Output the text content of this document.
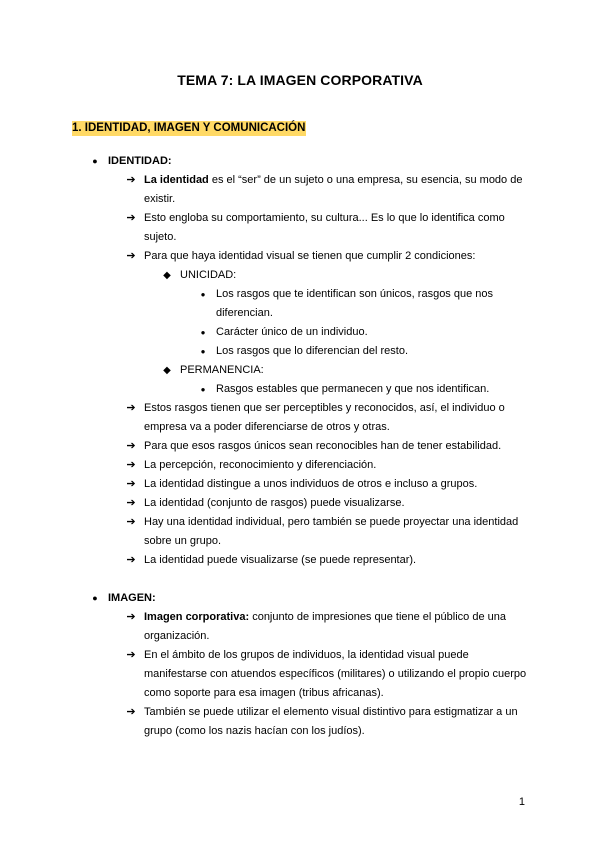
TEMA 7: LA IMAGEN CORPORATIVA
1. IDENTIDAD, IMAGEN Y COMUNICACIÓN
● IDENTIDAD:
➔ La identidad es el “ser” de un sujeto o una empresa, su esencia, su modo de existir.
➔ Esto engloba su comportamiento, su cultura... Es lo que lo identifica como sujeto.
➔ Para que haya identidad visual se tienen que cumplir 2 condiciones:
◆ UNICIDAD:
● Los rasgos que te identifican son únicos, rasgos que nos diferencian.
● Carácter único de un individuo.
● Los rasgos que lo diferencian del resto.
◆ PERMANENCIA:
● Rasgos estables que permanecen y que nos identifican.
➔ Estos rasgos tienen que ser perceptibles y reconocidos, así, el individuo o empresa va a poder diferenciarse de otros y otras.
➔ Para que esos rasgos únicos sean reconocibles han de tener estabilidad.
➔ La percepción, reconocimiento y diferenciación.
➔ La identidad distingue a unos individuos de otros e incluso a grupos.
➔ La identidad (conjunto de rasgos) puede visualizarse.
➔ Hay una identidad individual, pero también se puede proyectar una identidad sobre un grupo.
➔ La identidad puede visualizarse (se puede representar).
● IMAGEN:
➔ Imagen corporativa: conjunto de impresiones que tiene el público de una organización.
➔ En el ámbito de los grupos de individuos, la identidad visual puede manifestarse con atuendos específicos (militares) o utilizando el propio cuerpo como soporte para esa imagen (tribus africanas).
➔ También se puede utilizar el elemento visual distintivo para estigmatizar a un grupo (como los nazis hacían con los judíos).
1
